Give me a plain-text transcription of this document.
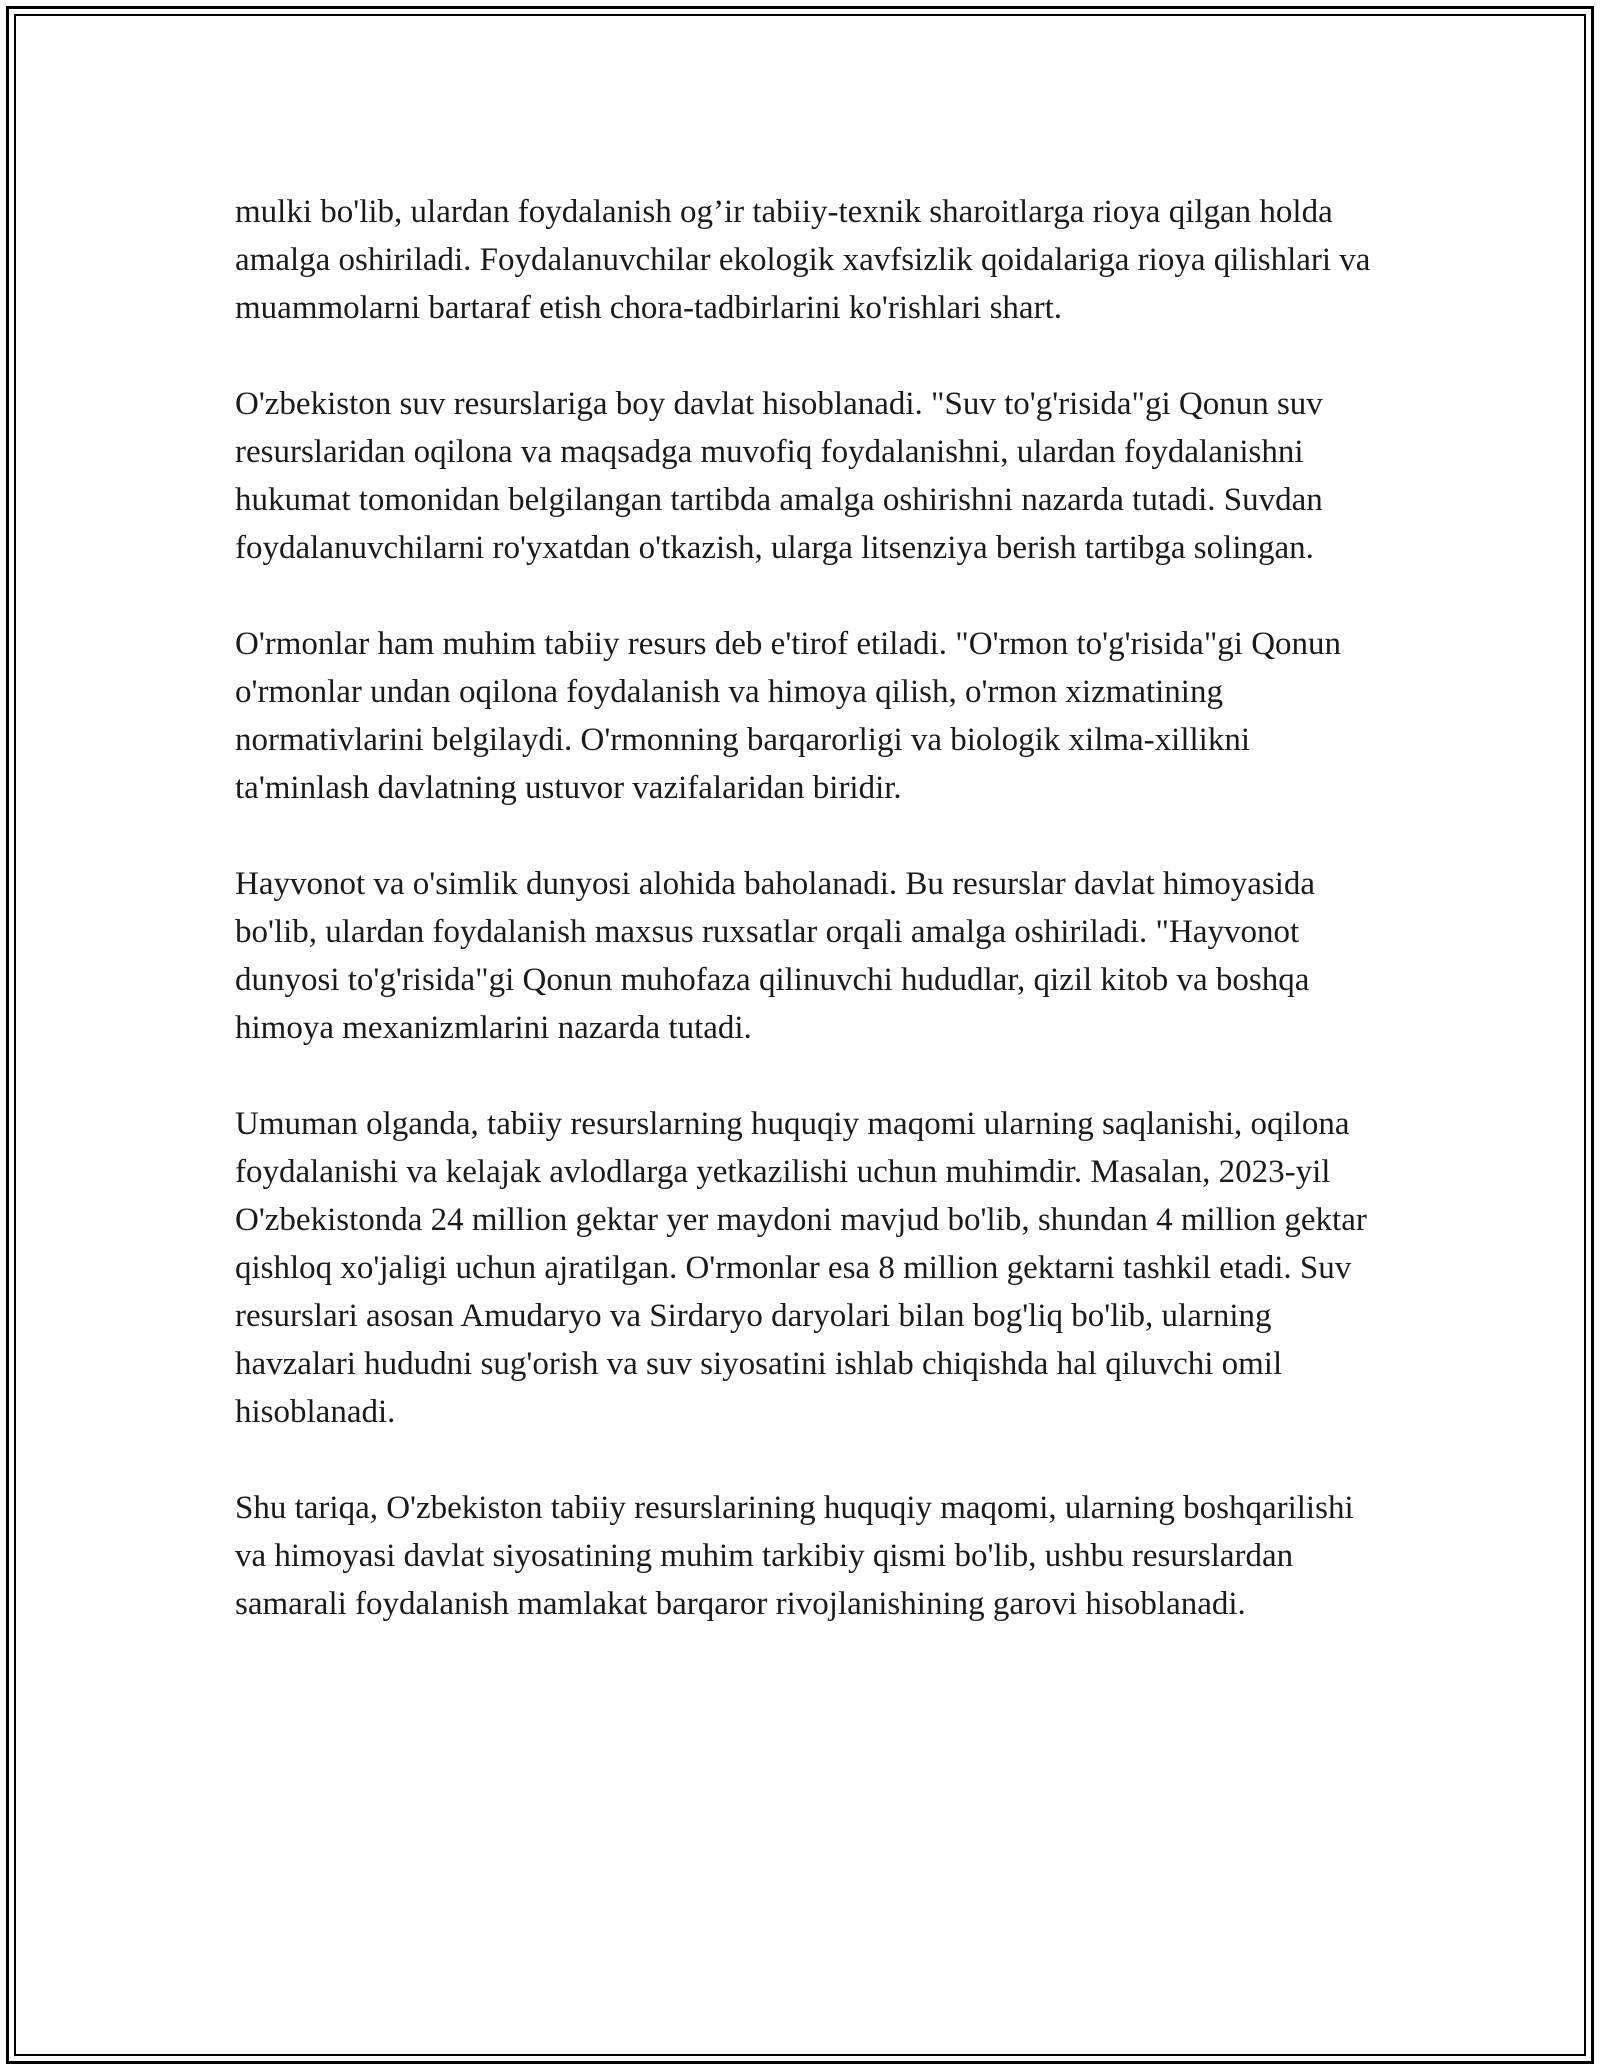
mulki bo'lib, ulardan foydalanish og’ir tabiiy-texnik sharoitlarga rioya qilgan holda amalga oshiriladi. Foydalanuvchilar ekologik xavfsizlik qoidalariga rioya qilishlari va muammolarni bartaraf etish chora-tadbirlarini ko'rishlari shart.

O'zbekiston suv resurslariga boy davlat hisoblanadi. "Suv to'g'risida"gi Qonun suv resurslaridan oqilona va maqsadga muvofiq foydalanishni, ulardan foydalanishni hukumat tomonidan belgilangan tartibda amalga oshirishni nazarda tutadi. Suvdan foydalanuvchilarni ro'yxatdan o'tkazish, ularga litsenziya berish tartibga solingan.

O'rmonlar ham muhim tabiiy resurs deb e'tirof etiladi. "O'rmon to'g'risida"gi Qonun o'rmonlar undan oqilona foydalanish va himoya qilish, o'rmon xizmatining normativlarini belgilaydi. O'rmonning barqarorligi va biologik xilma-xillikni ta'minlash davlatning ustuvor vazifalaridan biridir.

Hayvonot va o'simlik dunyosi alohida baholanadi. Bu resurslar davlat himoyasida bo'lib, ulardan foydalanish maxsus ruxsatlar orqali amalga oshiriladi. "Hayvonot dunyosi to'g'risida"gi Qonun muhofaza qilinuvchi hududlar, qizil kitob va boshqa himoya mexanizmlarini nazarda tutadi.

Umuman olganda, tabiiy resurslarning huquqiy maqomi ularning saqlanishi, oqilona foydalanishi va kelajak avlodlarga yetkazilishi uchun muhimdir. Masalan, 2023-yil O'zbekistonda 24 million gektar yer maydoni mavjud bo'lib, shundan 4 million gektar qishloq xo'jaligi uchun ajratilgan. O'rmonlar esa 8 million gektarni tashkil etadi. Suv resurslari asosan Amudaryo va Sirdaryo daryolari bilan bog'liq bo'lib, ularning havzalari hududni sug'orish va suv siyosatini ishlab chiqishda hal qiluvchi omil hisoblanadi.

Shu tariqa, O'zbekiston tabiiy resurslarining huquqiy maqomi, ularning boshqarilishi va himoyasi davlat siyosatining muhim tarkibiy qismi bo'lib, ushbu resurslardan samarali foydalanish mamlakat barqaror rivojlanishining garovi hisoblanadi.
